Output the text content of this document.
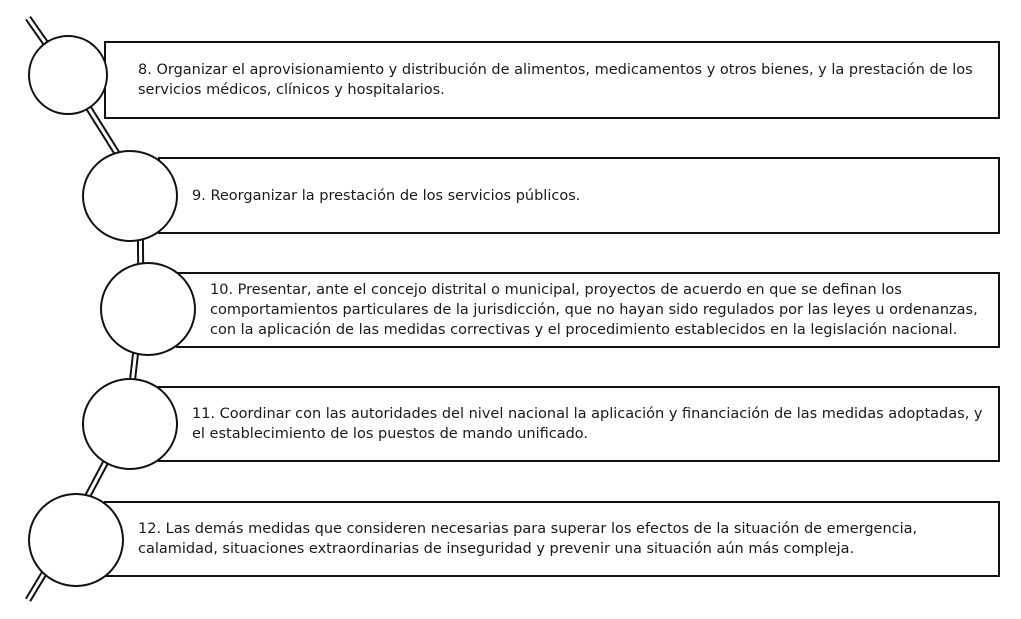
8. Organizar el aprovisionamiento y distribución de alimentos, medicamentos y otros bienes, y la prestación de los servicios médicos, clínicos y hospitalarios.
9. Reorganizar la prestación de los servicios públicos.
10. Presentar, ante el concejo distrital o municipal, proyectos de acuerdo en que se definan los comportamientos particulares de la jurisdicción, que no hayan sido regulados por las leyes u ordenanzas, con la aplicación de las medidas correctivas y el procedimiento establecidos en la legislación nacional.
11. Coordinar con las autoridades del nivel nacional la aplicación y financiación de las medidas adoptadas, y el establecimiento de los puestos de mando unificado.
12. Las demás medidas que consideren necesarias para superar los efectos de la situación de emergencia, calamidad, situaciones extraordinarias de inseguridad y prevenir una situación aún más compleja.
